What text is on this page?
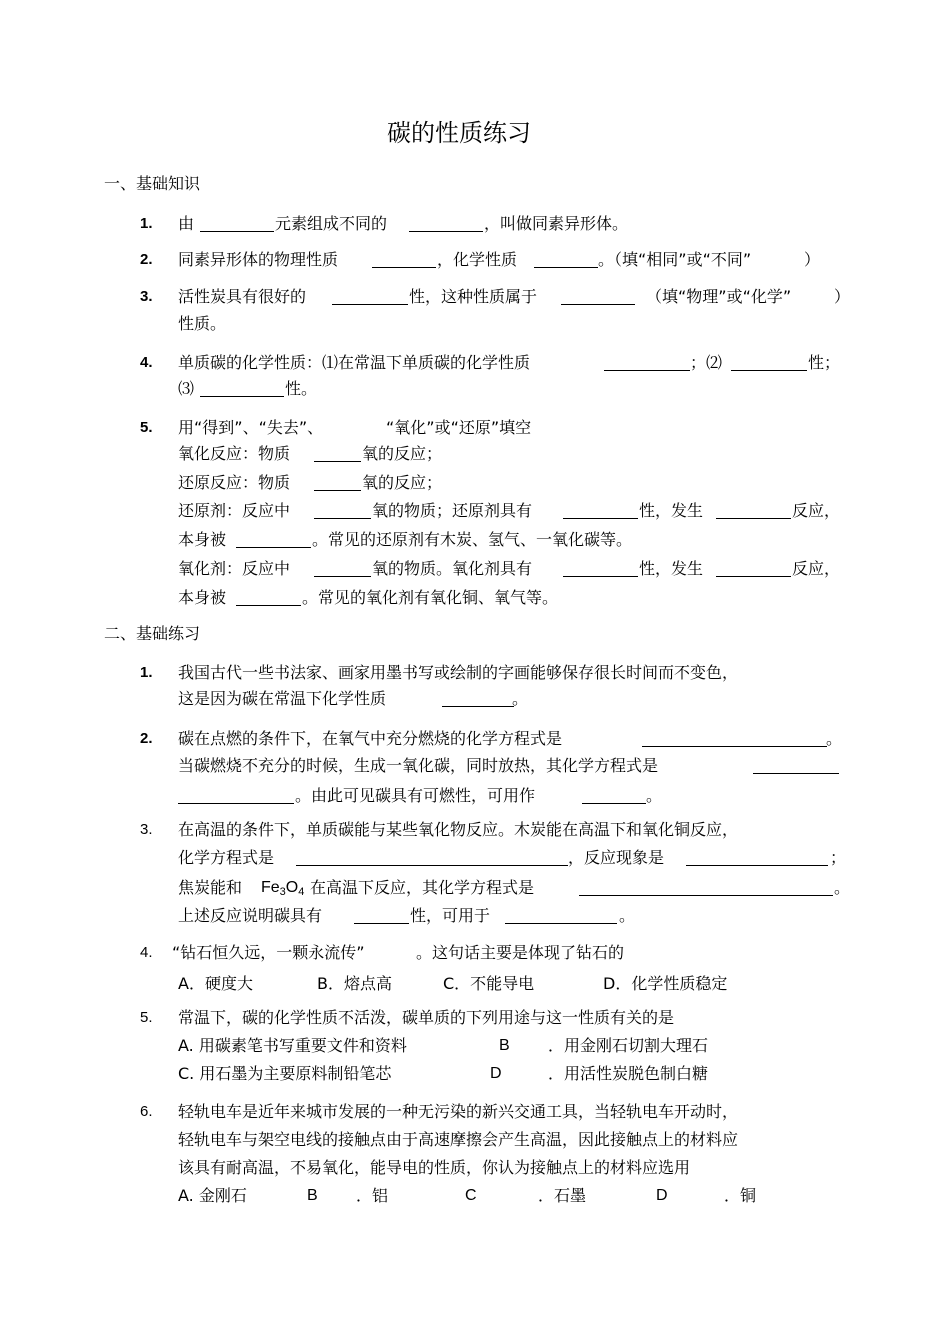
碳的性质练习
一、基础知识
1. 由	元素组成不同的	，叫做同素异形体。
2. 同素异形体的物理性质	，化学性质	。（填“相同”或“不同”	）
3. 活性炭具有很好的	性，这种性质属于	（填“物理”或“化学”	）
性质。
4. 单质碳的化学性质：⑴在常温下单质碳的化学性质	；⑵	性；
⑶	性。
5. 用“得到”、“失去”、	“氧化”或“还原”填空
氧化反应：物质	氧的反应；
还原反应：物质	氧的反应；
还原剂：反应中	氧的物质；还原剂具有	性，发生	反应，
本身被	。常见的还原剂有木炭、氢气、一氧化碳等。
氧化剂：反应中	氧的物质。氧化剂具有	性，发生	反应，
本身被	。常见的氧化剂有氧化铜、氧气等。
二、基础练习
1. 我国古代一些书法家、画家用墨书写或绘制的字画能够保存很长时间而不变色，
这是因为碳在常温下化学性质	。
2. 碳在点燃的条件下，在氧气中充分燃烧的化学方程式是	。
当碳燃烧不充分的时候，生成一氧化碳，同时放热，其化学方程式是
。由此可见碳具有可燃性，可用作	。
3. 在高温的条件下，单质碳能与某些氧化物反应。木炭能在高温下和氧化铜反应，
化学方程式是	，反应现象是	；
焦炭能和 $Fe_3O_4$ 在高温下反应，其化学方程式是	。
上述反应说明碳具有	性，可用于	。
4. “钻石恒久远，一颗永流传”	。这句话主要是体现了钻石的
A．硬度大	B．熔点高	C．不能导电	D．化学性质稳定
5. 常温下，碳的化学性质不活泼，碳单质的下列用途与这一性质有关的是
A. 用碳素笔书写重要文件和资料	B ．用金刚石切割大理石
C. 用石墨为主要原料制铅笔芯	D	．用活性炭脱色制白糖
6. 轻轨电车是近年来城市发展的一种无污染的新兴交通工具，当轻轨电车开动时，
轻轨电车与架空电线的接触点由于高速摩擦会产生高温，因此接触点上的材料应
该具有耐高温，不易氧化，能导电的性质，你认为接触点上的材料应选用
A. 金刚石	B ．铝	C	．石墨	D	．铜
